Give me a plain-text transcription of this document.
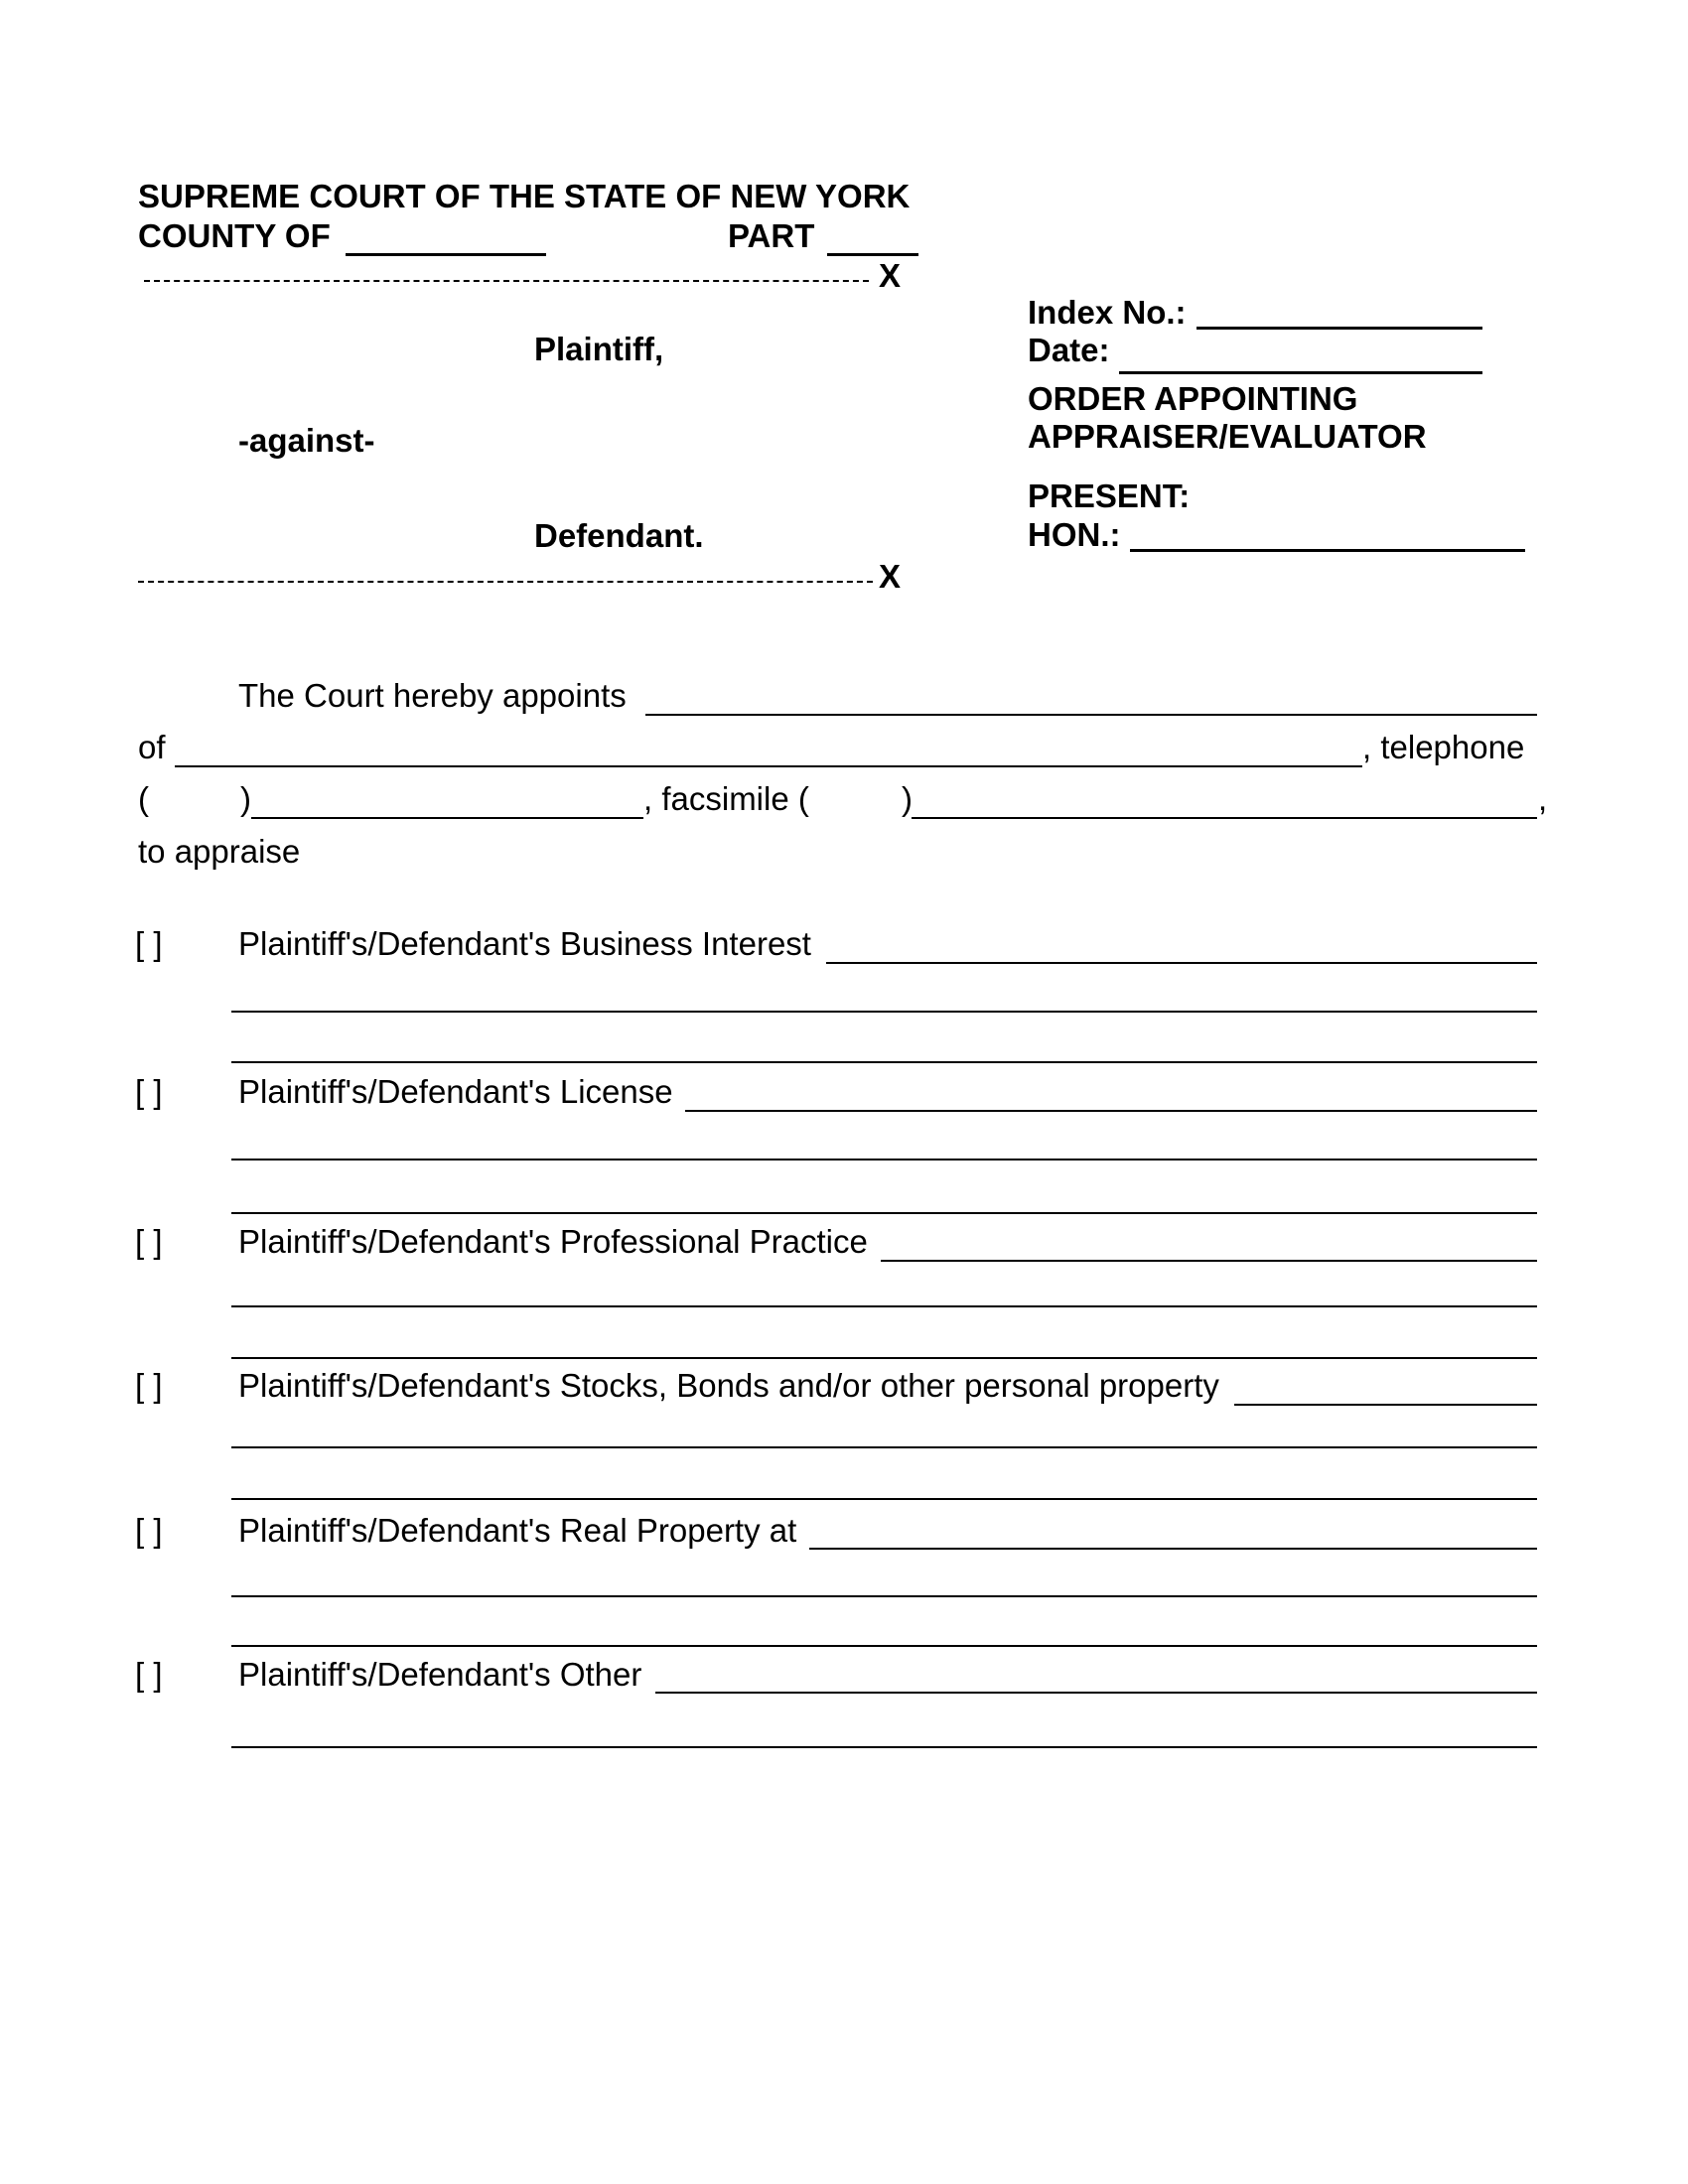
SUPREME COURT OF THE STATE OF NEW YORK
COUNTY OF	PART
X
Plaintiff,
-against-
Defendant.
X
Index No.:
Date:
ORDER APPOINTING
APPRAISER/EVALUATOR
PRESENT:
HON.:
The Court hereby appoints
of	, telephone
(	)	, facsimile (	)	,
to appraise
[ ] Plaintiff's/Defendant's Business Interest
[ ] Plaintiff's/Defendant's License
[ ] Plaintiff's/Defendant's Professional Practice
[ ] Plaintiff's/Defendant's Stocks, Bonds and/or other personal property
[ ] Plaintiff's/Defendant's Real Property at
[ ] Plaintiff's/Defendant's Other
